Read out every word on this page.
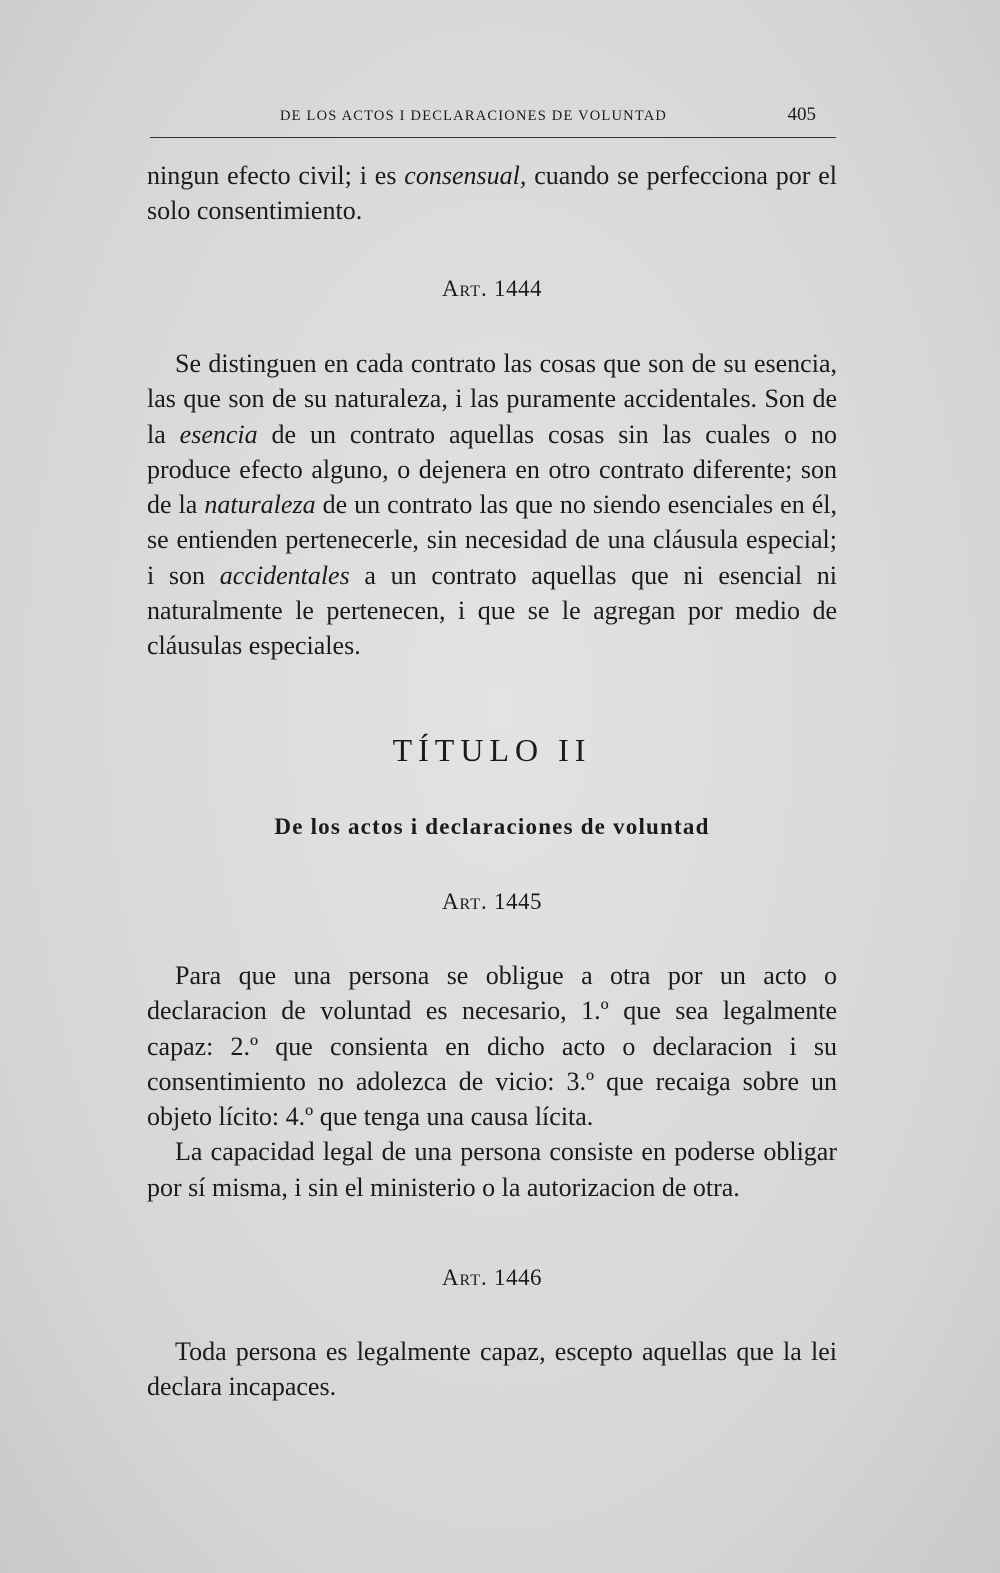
DE LOS ACTOS I DECLARACIONES DE VOLUNTAD	405

ningun efecto civil; i es consensual, cuando se perfecciona por el solo consentimiento.

Art. 1444

Se distinguen en cada contrato las cosas que son de su esencia, las que son de su naturaleza, i las puramente accidentales. Son de la esencia de un contrato aquellas cosas sin las cuales o no produce efecto alguno, o dejenera en otro contrato diferente; son de la naturaleza de un contrato las que no siendo esenciales en él, se entienden pertenecerle, sin necesidad de una cláusula especial; i son accidentales a un contrato aquellas que ni esencial ni naturalmente le pertenecen, i que se le agregan por medio de cláusulas especiales.

TÍTULO II

De los actos i declaraciones de voluntad

Art. 1445

Para que una persona se obligue a otra por un acto o declaracion de voluntad es necesario, 1.º que sea legalmente capaz: 2.º que consienta en dicho acto o declaracion i su consentimiento no adolezca de vicio: 3.º que recaiga sobre un objeto lícito: 4.º que tenga una causa lícita.

La capacidad legal de una persona consiste en poderse obligar por sí misma, i sin el ministerio o la autorizacion de otra.

Art. 1446

Toda persona es legalmente capaz, escepto aquellas que la lei declara incapaces.
